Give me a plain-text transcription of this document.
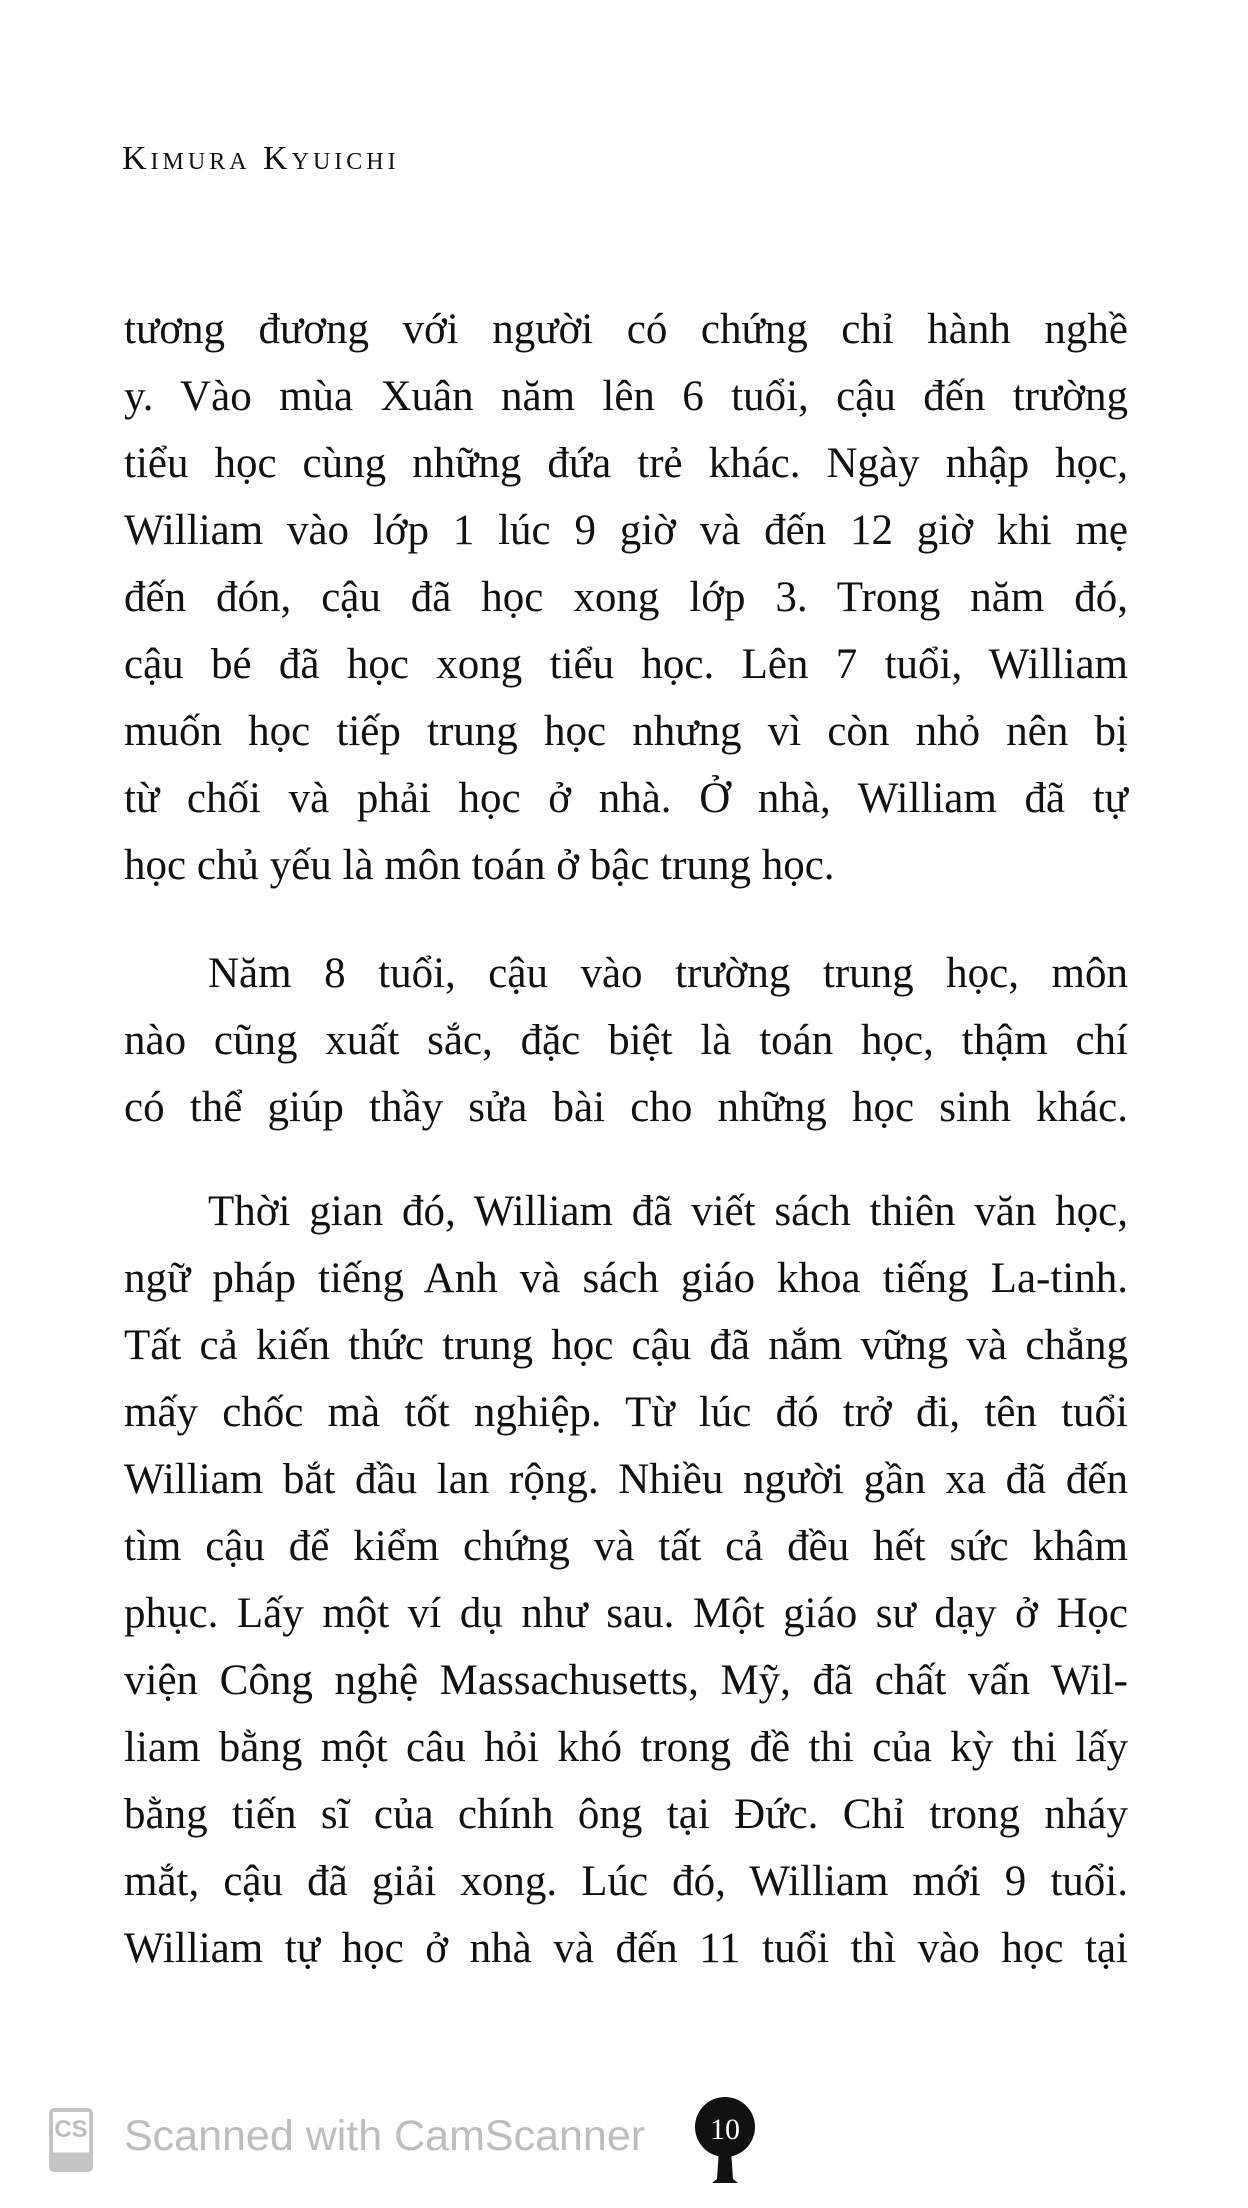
Kimura Kyuichi
tương đương với người có chứng chỉ hành nghề
y. Vào mùa Xuân năm lên 6 tuổi, cậu đến trường
tiểu học cùng những đứa trẻ khác. Ngày nhập học,
William vào lớp 1 lúc 9 giờ và đến 12 giờ khi mẹ
đến đón, cậu đã học xong lớp 3. Trong năm đó,
cậu bé đã học xong tiểu học. Lên 7 tuổi, William
muốn học tiếp trung học nhưng vì còn nhỏ nên bị
từ chối và phải học ở nhà. Ở nhà, William đã tự
học chủ yếu là môn toán ở bậc trung học.
Năm 8 tuổi, cậu vào trường trung học, môn
nào cũng xuất sắc, đặc biệt là toán học, thậm chí
có thể giúp thầy sửa bài cho những học sinh khác.
Thời gian đó, William đã viết sách thiên văn học,
ngữ pháp tiếng Anh và sách giáo khoa tiếng La-tinh.
Tất cả kiến thức trung học cậu đã nắm vững và chẳng
mấy chốc mà tốt nghiệp. Từ lúc đó trở đi, tên tuổi
William bắt đầu lan rộng. Nhiều người gần xa đã đến
tìm cậu để kiểm chứng và tất cả đều hết sức khâm
phục. Lấy một ví dụ như sau. Một giáo sư dạy ở Học
viện Công nghệ Massachusetts, Mỹ, đã chất vấn Wil-
liam bằng một câu hỏi khó trong đề thi của kỳ thi lấy
bằng tiến sĩ của chính ông tại Đức. Chỉ trong nháy
mắt, cậu đã giải xong. Lúc đó, William mới 9 tuổi.
William tự học ở nhà và đến 11 tuổi thì vào học tại
CS Scanned with CamScanner	10
